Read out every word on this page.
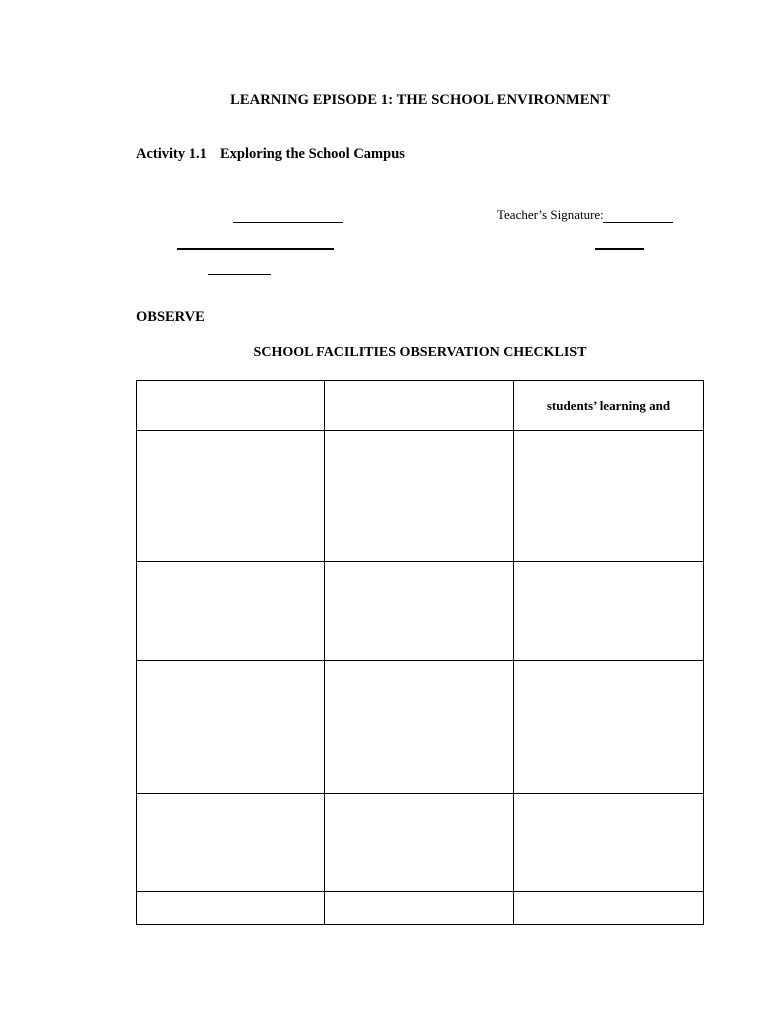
LEARNING EPISODE 1: THE SCHOOL ENVIRONMENT
Activity 1.1 Exploring the School Campus
Teacher’s Signature:
OBSERVE
SCHOOL FACILITIES OBSERVATION CHECKLIST
		students’ learning and
